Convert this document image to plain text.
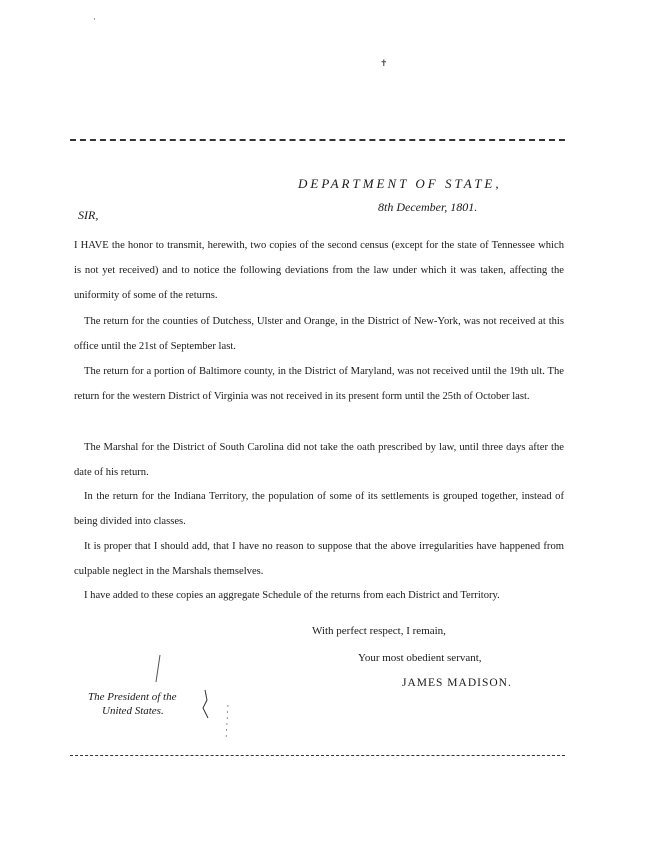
·
✝
DEPARTMENT OF STATE,
8th December, 1801.
SIR,
I HAVE the honor to transmit, herewith, two copies of the second census (except for the state of Tennessee which is not yet received) and to notice the following deviations from the law under which it was taken, affecting the uniformity of some of the returns.
The return for the counties of Dutchess, Ulster and Orange, in the District of New-York, was not received at this office until the 21st of September last.
The return for a portion of Baltimore county, in the District of Maryland, was not received until the 19th ult. The return for the western District of Virginia was not received in its present form until the 25th of October last.
The Marshal for the District of South Carolina did not take the oath prescribed by law, until three days after the date of his return.
In the return for the Indiana Territory, the population of some of its settlements is grouped together, instead of being divided into classes.
It is proper that I should add, that I have no reason to suppose that the above irregularities have happened from culpable neglect in the Marshals themselves.
I have added to these copies an aggregate Schedule of the returns from each District and Territory.
With perfect respect, I remain,
Your most obedient servant,
JAMES MADISON.
The President of the
United States.
